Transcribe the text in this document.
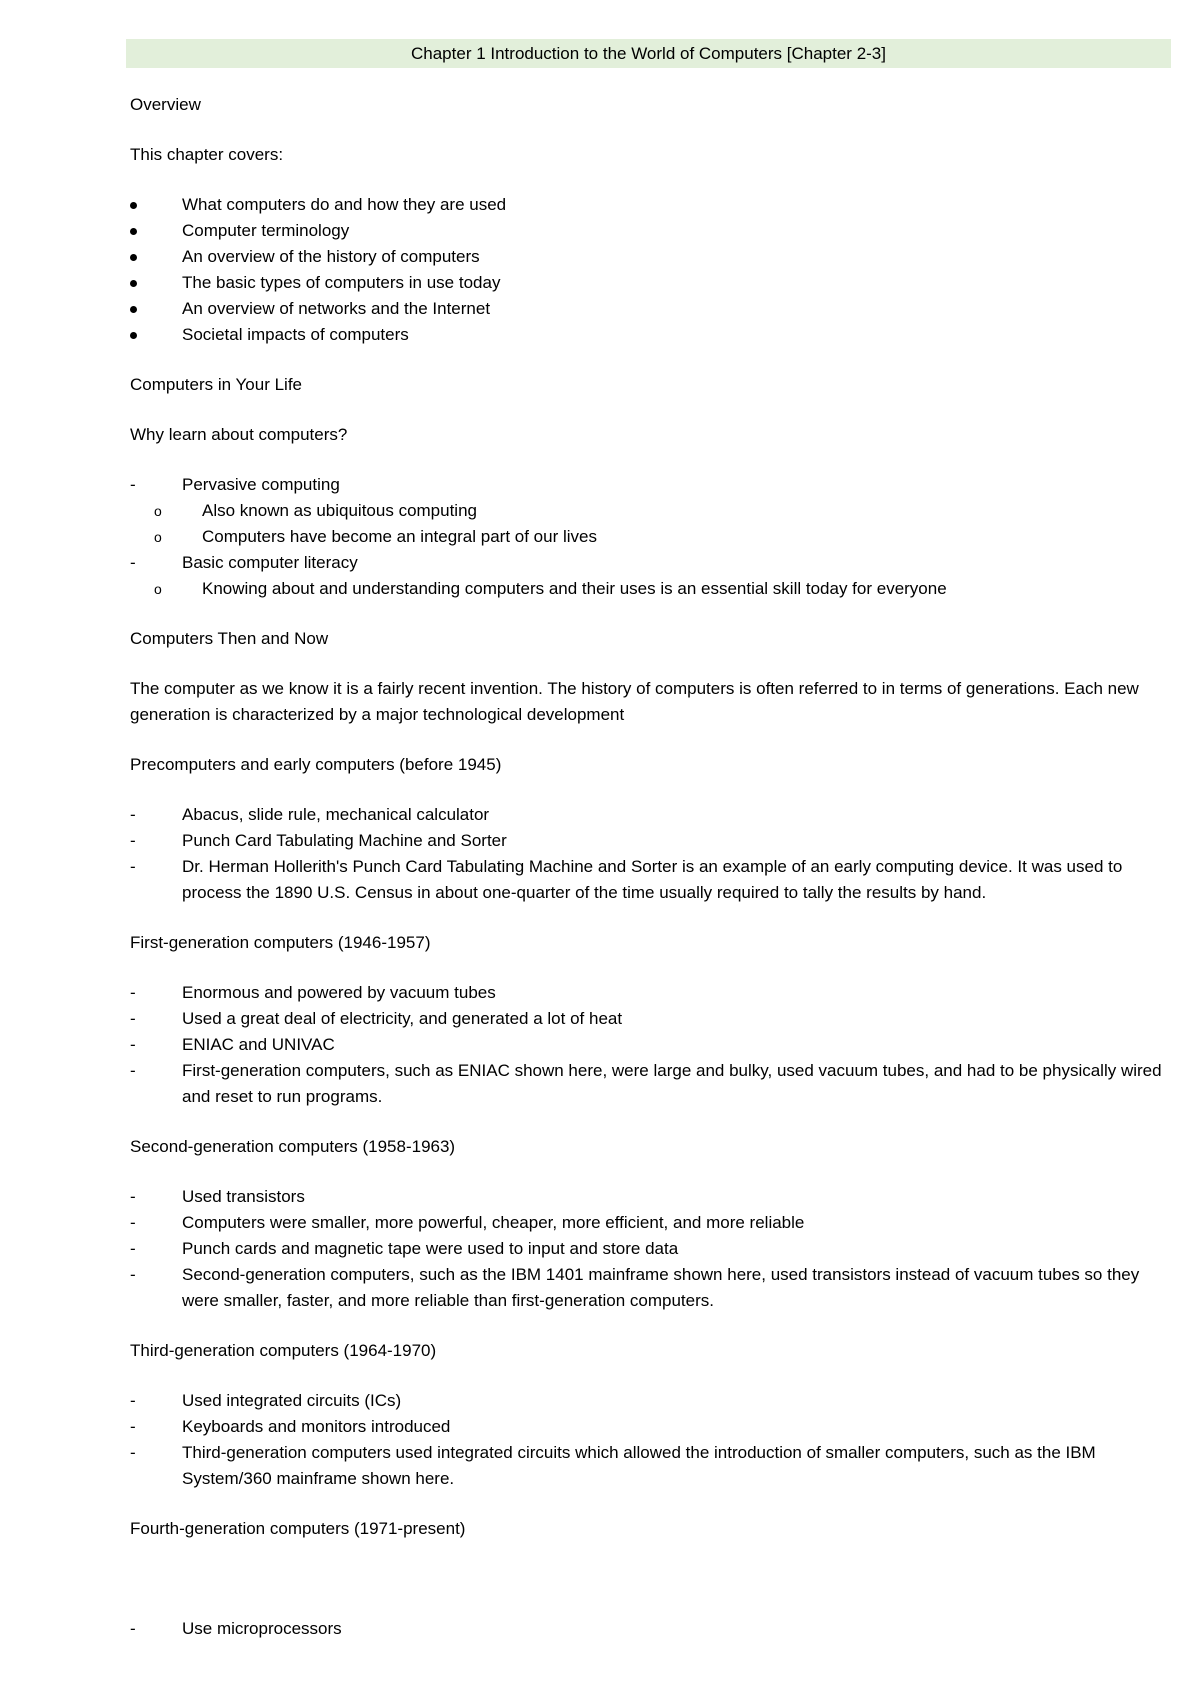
Chapter 1 Introduction to the World of Computers [Chapter 2-3]

Overview

This chapter covers:

What computers do and how they are used
Computer terminology
An overview of the history of computers
The basic types of computers in use today
An overview of networks and the Internet
Societal impacts of computers

Computers in Your Life

Why learn about computers?

-	Pervasive computing
o Also known as ubiquitous computing
o Computers have become an integral part of our lives
-	Basic computer literacy
o Knowing about and understanding computers and their uses is an essential skill today for everyone

Computers Then and Now

The computer as we know it is a fairly recent invention. The history of computers is often referred to in terms of generations. Each new generation is characterized by a major technological development

Precomputers and early computers (before 1945)

-	Abacus, slide rule, mechanical calculator
-	Punch Card Tabulating Machine and Sorter
-	Dr. Herman Hollerith's Punch Card Tabulating Machine and Sorter is an example of an early computing device. It was used to process the 1890 U.S. Census in about one-quarter of the time usually required to tally the results by hand.

First-generation computers (1946-1957)

-	Enormous and powered by vacuum tubes
-	Used a great deal of electricity, and generated a lot of heat
-	ENIAC and UNIVAC
-	First-generation computers, such as ENIAC shown here, were large and bulky, used vacuum tubes, and had to be physically wired and reset to run programs.

Second-generation computers (1958-1963)

-	Used transistors
-	Computers were smaller, more powerful, cheaper, more efficient, and more reliable
-	Punch cards and magnetic tape were used to input and store data
-	Second-generation computers, such as the IBM 1401 mainframe shown here, used transistors instead of vacuum tubes so they were smaller, faster, and more reliable than first-generation computers.

Third-generation computers (1964-1970)

-	Used integrated circuits (ICs)
-	Keyboards and monitors introduced
-	Third-generation computers used integrated circuits which allowed the introduction of smaller computers, such as the IBM System/360 mainframe shown here.

Fourth-generation computers (1971-present)

-	Use microprocessors
